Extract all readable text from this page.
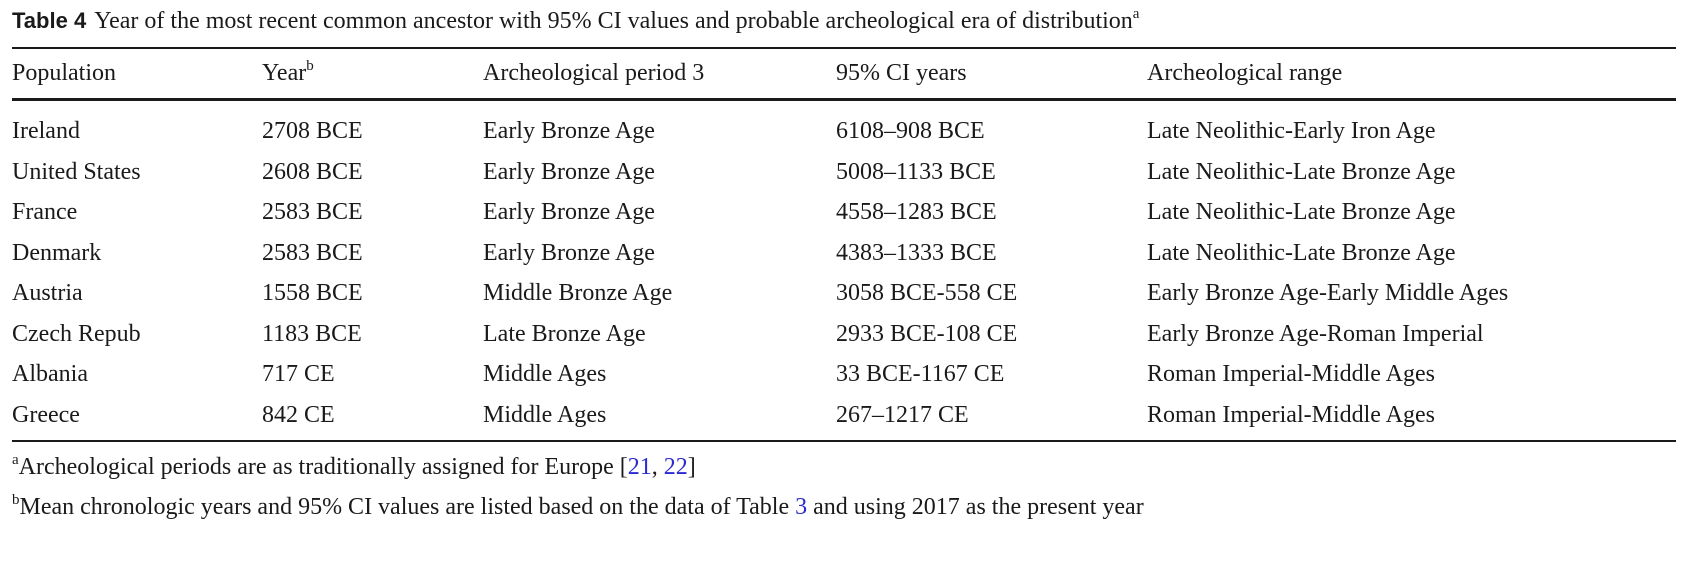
Table 4 Year of the most recent common ancestor with 95% CI values and probable archeological era of distribution$^a$
Population	Year$^b$	Archeological period 3	95% CI years	Archeological range
Ireland	2708 BCE	Early Bronze Age	6108–908 BCE	Late Neolithic-Early Iron Age
United States	2608 BCE	Early Bronze Age	5008–1133 BCE	Late Neolithic-Late Bronze Age
France	2583 BCE	Early Bronze Age	4558–1283 BCE	Late Neolithic-Late Bronze Age
Denmark	2583 BCE	Early Bronze Age	4383–1333 BCE	Late Neolithic-Late Bronze Age
Austria	1558 BCE	Middle Bronze Age	3058 BCE-558 CE	Early Bronze Age-Early Middle Ages
Czech Repub	1183 BCE	Late Bronze Age	2933 BCE-108 CE	Early Bronze Age-Roman Imperial
Albania	717 CE	Middle Ages	33 BCE-1167 CE	Roman Imperial-Middle Ages
Greece	842 CE	Middle Ages	267–1217 CE	Roman Imperial-Middle Ages
$^a$Archeological periods are as traditionally assigned for Europe [21, 22]
$^b$Mean chronologic years and 95% CI values are listed based on the data of Table 3 and using 2017 as the present year
